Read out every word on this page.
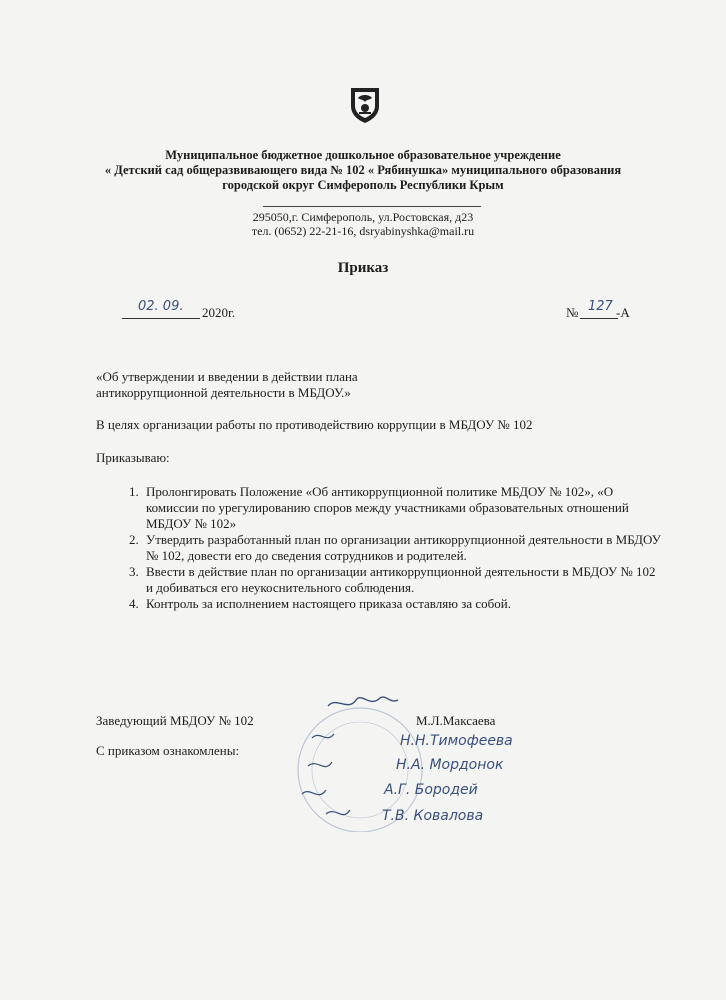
Муниципальное бюджетное дошкольное образовательное учреждение
« Детский сад общеразвивающего вида № 102 « Рябинушка» муниципального образования
городской округ Симферополь Республики Крым
295050,г. Симферополь, ул.Ростовская, д23
тел. (0652) 22-21-16, dsryabinyshka@mail.ru
Приказ
02. 09. 2020г.	№ 127 -А
«Об утверждении и введении в действии плана
антикоррупционной деятельности в МБДОУ.»
В целях организации работы по противодействию коррупции в МБДОУ № 102
Приказываю:
1. Пролонгировать Положение «Об антикоррупционной политике МБДОУ № 102», «О комиссии по урегулированию споров между участниками образовательных отношений МБДОУ № 102»
2. Утвердить разработанный план по организации антикоррупционной деятельности в МБДОУ № 102, довести его до сведения сотрудников и родителей.
3. Ввести в действие план по организации антикоррупционной деятельности в МБДОУ № 102 и добиваться его неукоснительного соблюдения.
4. Контроль за исполнением настоящего приказа оставляю за собой.
Заведующий МБДОУ № 102	М.Л.Максаева
С приказом ознакомлены:
Н.Н.Тимофеева
Н.А. Мордонок
А.Г. Бородей
Т.В. Ковалова
